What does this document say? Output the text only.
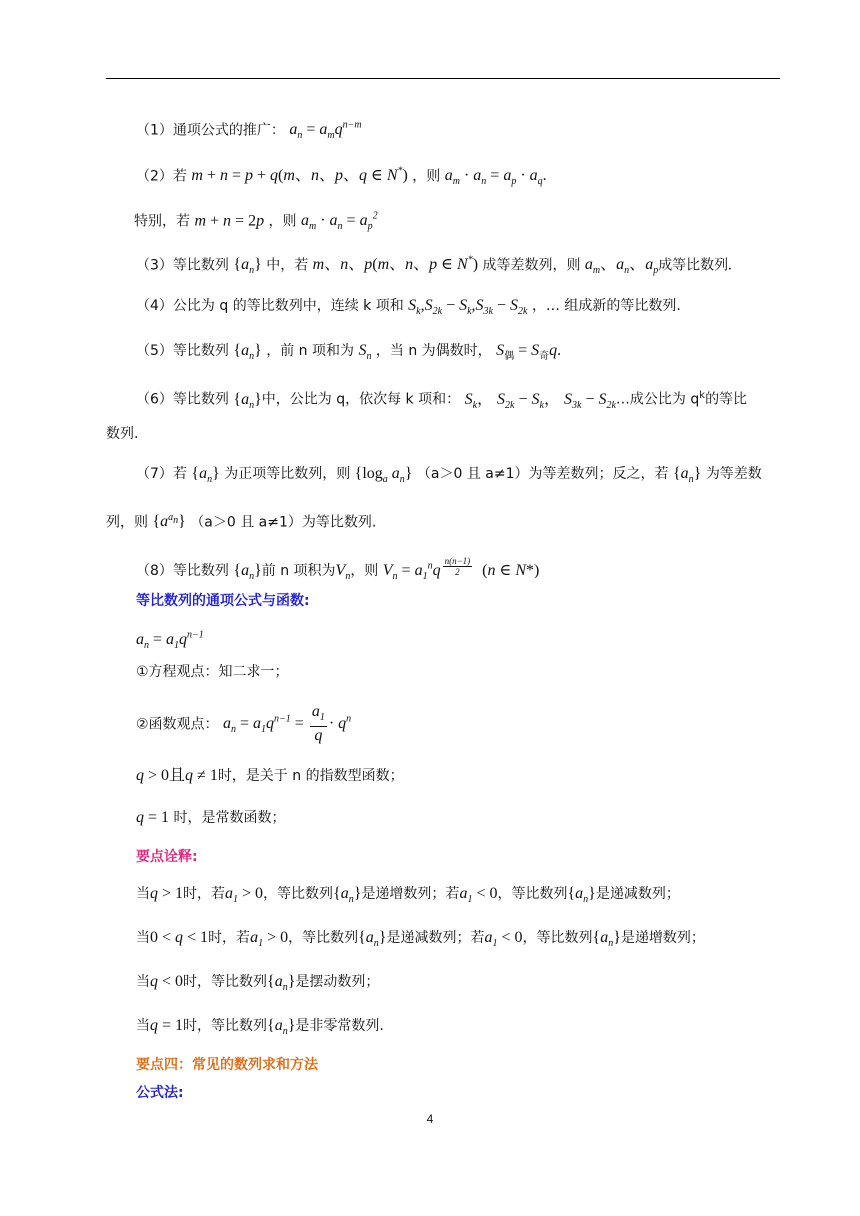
（1）通项公式的推广： $a_n = a_mq^{n-m}$
（2）若 m + n = p + q(m、n、p、q ∈ N*) ，则 $a_m \cdot a_n = a_p \cdot a_q$.
特别，若 m + n = 2p ，则 $a_m \cdot a_n = a_p^2$
（3）等比数列 $\{a_n\}$ 中，若 m、n、p(m、n、p ∈ N*) 成等差数列，则 $a_m$、$a_n$、$a_p$成等比数列.
（4）公比为 q 的等比数列中，连续 k 项和 $S_k,S_{2k} - S_k,S_{3k} - S_{2k}$ ，… 组成新的等比数列.
（5）等比数列 $\{a_n\}$ ，前 n 项和为 $S_n$ ，当 n 为偶数时， $S_偶 = S_奇q$.
（6）等比数列 $\{a_n\}$中，公比为 q，依次每 k 项和： $S_k$， $S_{2k} - S_k$， $S_{3k}$ − $S_{2k}\dots$成公比为 $q^k$的等比
数列.
（7）若 $\{a_n\}$ 为正项等比数列，则 {$\log_a$ $a_n$} （a＞0 且 a≠1）为等差数列；反之，若 $\{a_n\}$ 为等差数
列，则 $\{a^{a_n}\}$ （a＞0 且 a≠1）为等比数列.
（8）等比数列 $\{a_n\}$前 n 项积为$V_n$，则 $V_n = a_1^nq$ $^{\frac{n(n-1)}{2}}$ (n ∈ N*)
等比数列的通项公式与函数:
$a_n = a_1q^{n-1}$
①方程观点：知二求一；
②函数观点： $a_n = a_1q^{n-1} = \frac{a_1}{q} \cdot q^n$
q > 0且q ≠ 1时，是关于 n 的指数型函数；
q = 1 时，是常数函数；
要点诠释:
当q > 1时，若$a_1 > 0$，等比数列$\{a_n\}$是递增数列；若$a_1 < 0$，等比数列$\{a_n\}$是递减数列；
当0 < q < 1时，若$a_1 > 0$，等比数列$\{a_n\}$是递减数列；若$a_1 < 0$，等比数列$\{a_n\}$是递增数列；
当q < 0时，等比数列$\{a_n\}$是摆动数列；
当q = 1时，等比数列$\{a_n\}$是非零常数列.
要点四：常见的数列求和方法
公式法:
4
